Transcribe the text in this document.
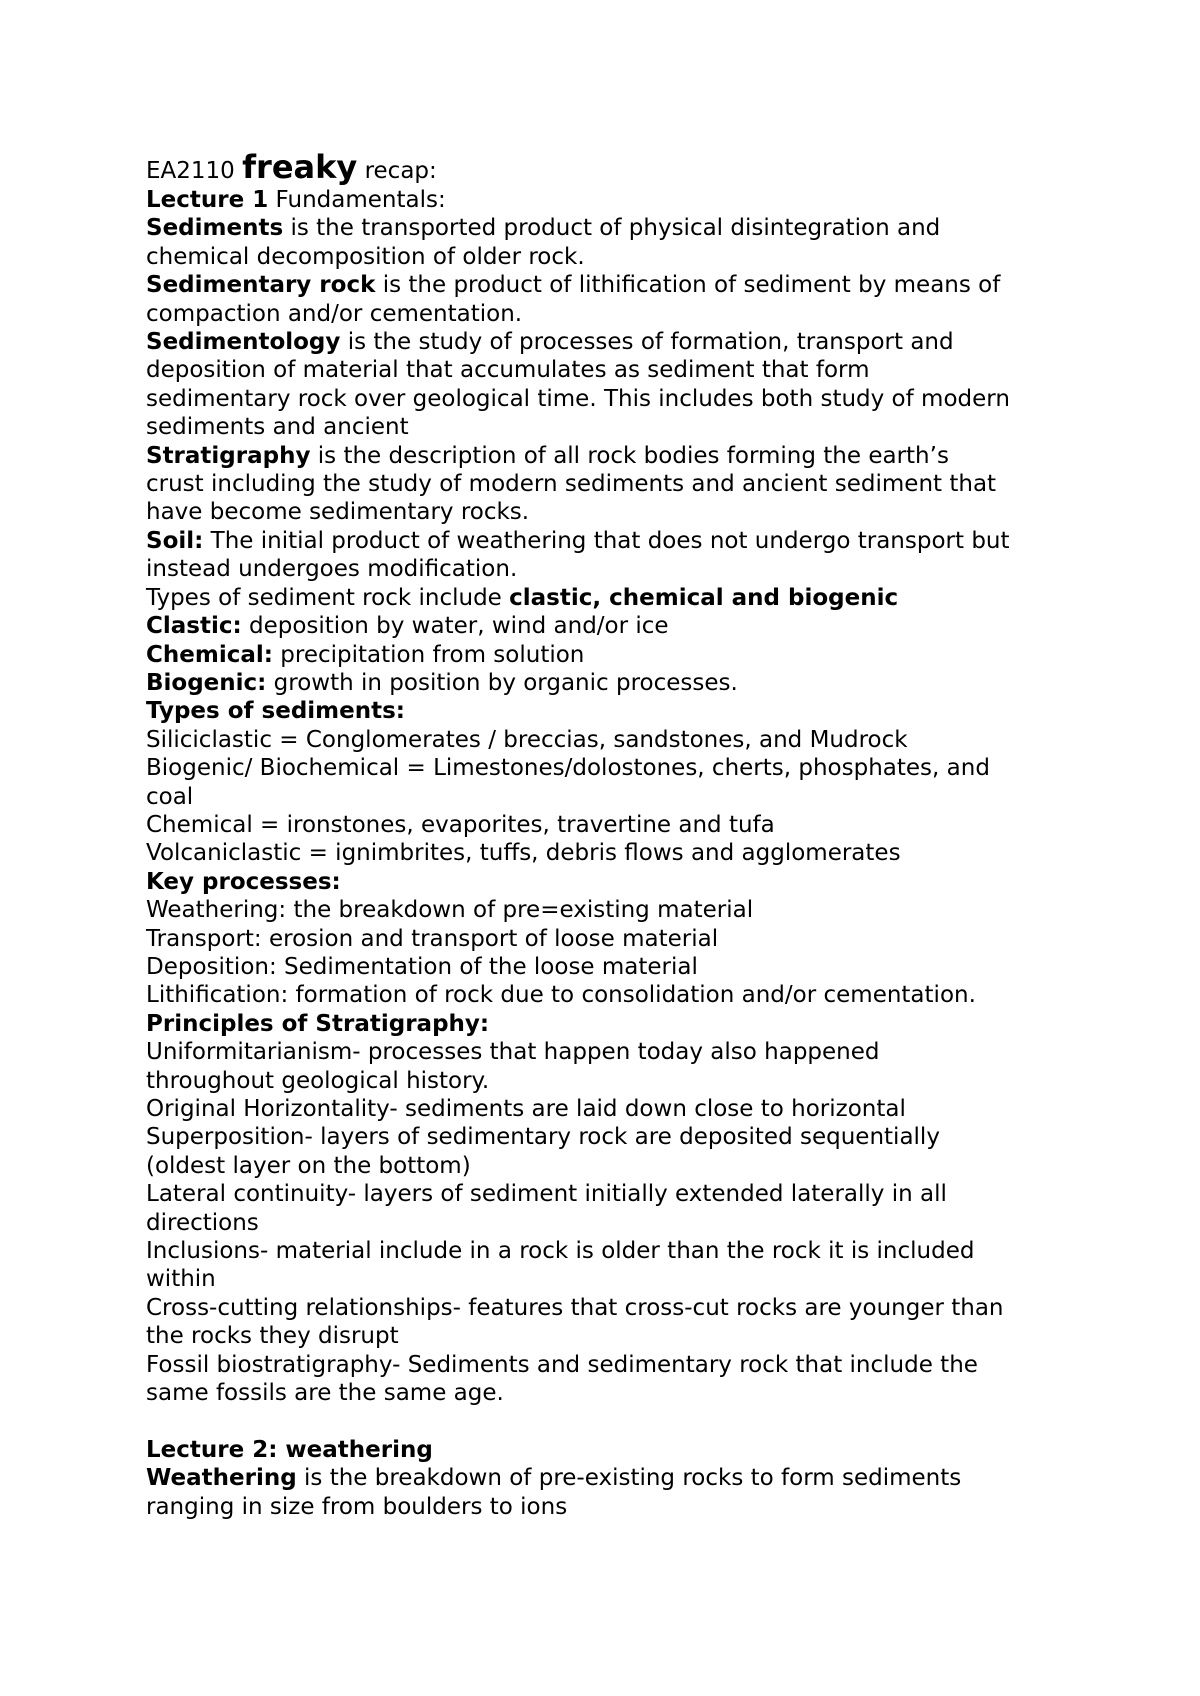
EA2110 freaky recap:
Lecture 1 Fundamentals:
Sediments is the transported product of physical disintegration and
chemical decomposition of older rock.
Sedimentary rock is the product of lithification of sediment by means of
compaction and/or cementation.
Sedimentology is the study of processes of formation, transport and
deposition of material that accumulates as sediment that form
sedimentary rock over geological time. This includes both study of modern
sediments and ancient
Stratigraphy is the description of all rock bodies forming the earth’s
crust including the study of modern sediments and ancient sediment that
have become sedimentary rocks.
Soil: The initial product of weathering that does not undergo transport but
instead undergoes modification.
Types of sediment rock include clastic, chemical and biogenic
Clastic: deposition by water, wind and/or ice
Chemical: precipitation from solution
Biogenic: growth in position by organic processes.
Types of sediments:
Siliciclastic = Conglomerates / breccias, sandstones, and Mudrock
Biogenic/ Biochemical = Limestones/dolostones, cherts, phosphates, and
coal
Chemical = ironstones, evaporites, travertine and tufa
Volcaniclastic = ignimbrites, tuffs, debris flows and agglomerates
Key processes:
Weathering: the breakdown of pre=existing material
Transport: erosion and transport of loose material
Deposition: Sedimentation of the loose material
Lithification: formation of rock due to consolidation and/or cementation.
Principles of Stratigraphy:
Uniformitarianism- processes that happen today also happened
throughout geological history.
Original Horizontality- sediments are laid down close to horizontal
Superposition- layers of sedimentary rock are deposited sequentially
(oldest layer on the bottom)
Lateral continuity- layers of sediment initially extended laterally in all
directions
Inclusions- material include in a rock is older than the rock it is included
within
Cross-cutting relationships- features that cross-cut rocks are younger than
the rocks they disrupt
Fossil biostratigraphy- Sediments and sedimentary rock that include the
same fossils are the same age.
Lecture 2: weathering
Weathering is the breakdown of pre-existing rocks to form sediments
ranging in size from boulders to ions
